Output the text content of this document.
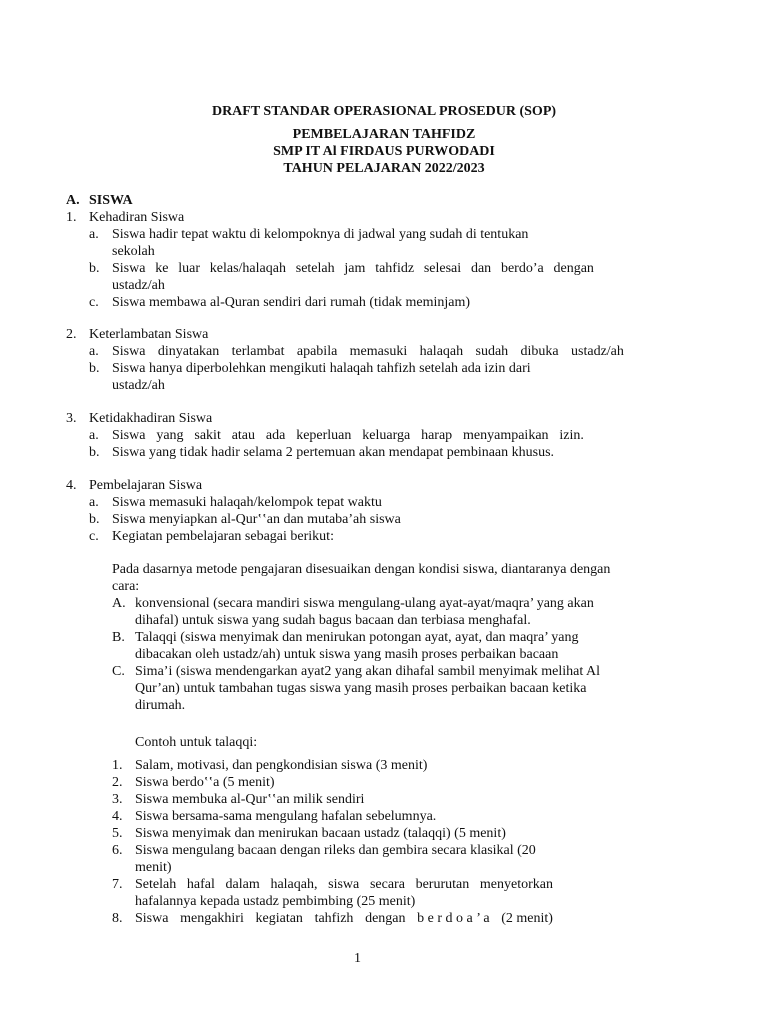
DRAFT STANDAR OPERASIONAL PROSEDUR (SOP)
PEMBELAJARAN TAHFIDZ
SMP IT Al FIRDAUS PURWODADI
TAHUN PELAJARAN 2022/2023
A. SISWA
1. Kehadiran Siswa
a. Siswa hadir tepat waktu di kelompoknya di jadwal yang sudah di tentukan
sekolah
b. Siswa ke luar kelas/halaqah setelah jam tahfidz selesai dan berdo’a dengan
ustadz/ah
c. Siswa membawa al-Quran sendiri dari rumah (tidak meminjam)
2. Keterlambatan Siswa
a. Siswa dinyatakan terlambat apabila memasuki halaqah sudah dibuka ustadz/ah
b. Siswa hanya diperbolehkan mengikuti halaqah tahfizh setelah ada izin dari
ustadz/ah
3. Ketidakhadiran Siswa
a. Siswa yang sakit atau ada keperluan keluarga harap menyampaikan izin.
b. Siswa yang tidak hadir selama 2 pertemuan akan mendapat pembinaan khusus.
4. Pembelajaran Siswa
a. Siswa memasuki halaqah/kelompok tepat waktu
b. Siswa menyiapkan al-Qur‛‛an dan mutaba’ah siswa
c. Kegiatan pembelajaran sebagai berikut:
Pada dasarnya metode pengajaran disesuaikan dengan kondisi siswa, diantaranya dengan
cara:
A. konvensional (secara mandiri siswa mengulang-ulang ayat-ayat/maqra’ yang akan
dihafal) untuk siswa yang sudah bagus bacaan dan terbiasa menghafal.
B. Talaqqi (siswa menyimak dan menirukan potongan ayat, ayat, dan maqra’ yang
dibacakan oleh ustadz/ah) untuk siswa yang masih proses perbaikan bacaan
C. Sima’i (siswa mendengarkan ayat2 yang akan dihafal sambil menyimak melihat Al
Qur’an) untuk tambahan tugas siswa yang masih proses perbaikan bacaan ketika
dirumah.
Contoh untuk talaqqi:
1. Salam, motivasi, dan pengkondisian siswa (3 menit)
2. Siswa berdo‛‛a (5 menit)
3. Siswa membuka al-Qur‛‛an milik sendiri
4. Siswa bersama-sama mengulang hafalan sebelumnya.
5. Siswa menyimak dan menirukan bacaan ustadz (talaqqi) (5 menit)
6. Siswa mengulang bacaan dengan rileks dan gembira secara klasikal (20
menit)
7. Setelah hafal dalam halaqah, siswa secara berurutan menyetorkan
hafalannya kepada ustadz pembimbing (25 menit)
8. Siswa mengakhiri kegiatan tahfizh dengan b e r d o a ’ a (2 menit)
1
